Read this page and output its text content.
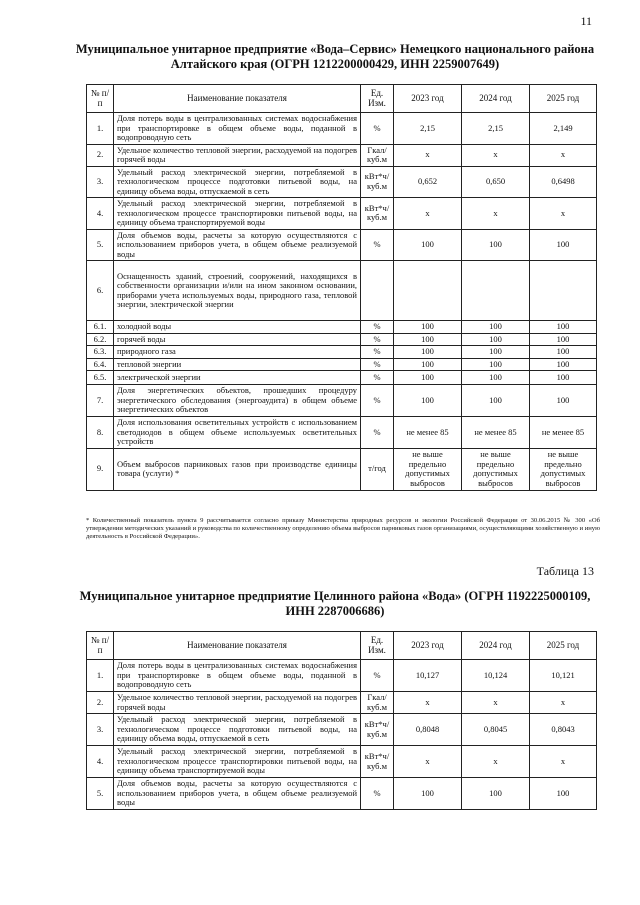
11
Муниципальное унитарное предприятие «Вода–Сервис» Немецкого национального района Алтайского края (ОГРН 1212200000429, ИНН 2259007649)
№ п/п	Наименование показателя	Ед. Изм.	2023 год	2024 год	2025 год
1.	Доля потерь воды в централизованных системах водоснабжения при транспортировке в общем объеме воды, поданной в водопроводную сеть	%	2,15	2,15	2,149
2.	Удельное количество тепловой энергии, расходуемой на подогрев горячей воды	Гкал/ куб.м	х	х	х
3.	Удельный расход электрической энергии, потребляемой в технологическом процессе подготовки питьевой воды, на единицу объема воды, отпускаемой в сеть	кВт*ч/ куб.м	0,652	0,650	0,6498
4.	Удельный расход электрической энергии, потребляемой в технологическом процессе транспортировки питьевой воды, на единицу объема транспортируемой воды	кВт*ч/ куб.м	х	х	х
5.	Доля объемов воды, расчеты за которую осуществляются с использованием приборов учета, в общем объеме реализуемой воды	%	100	100	100
6.	Оснащенность зданий, строений, сооружений, находящихся в собственности организации и/или на ином законном основании, приборами учета используемых воды, природного газа, тепловой энергии, электрической энергии				
6.1.	холодной воды	%	100	100	100
6.2.	горячей воды	%	100	100	100
6.3.	природного газа	%	100	100	100
6.4.	тепловой энергии	%	100	100	100
6.5.	электрической энергии	%	100	100	100
7.	Доля энергетических объектов, прошедших процедуру энергетического обследования (энергоаудита) в общем объеме энергетических объектов	%	100	100	100
8.	Доля использования осветительных устройств с использованием светодиодов в общем объеме используемых осветительных устройств	%	не менее 85	не менее 85	не менее 85
9.	Объем выбросов парниковых газов при производстве единицы товара (услуги) *	т/год	не выше предельно допустимых выбросов	не выше предельно допустимых выбросов	не выше предельно допустимых выбросов
* Количественный показатель пункта 9 рассчитывается согласно приказу Министерства природных ресурсов и экологии Российской Федерации от 30.06.2015 № 300 «Об утверждении методических указаний и руководства по количественному определению объема выбросов парниковых газов организациями, осуществляющими хозяйственную и иную деятельность в Российской Федерации».
Таблица 13
Муниципальное унитарное предприятие Целинного района «Вода» (ОГРН 1192225000109, ИНН 2287006686)
№ п/п	Наименование показателя	Ед. Изм.	2023 год	2024 год	2025 год
1.	Доля потерь воды в централизованных системах водоснабжения при транспортировке в общем объеме воды, поданной в водопроводную сеть	%	10,127	10,124	10,121
2.	Удельное количество тепловой энергии, расходуемой на подогрев горячей воды	Гкал/ куб.м	х	х	х
3.	Удельный расход электрической энергии, потребляемой в технологическом процессе подготовки питьевой воды, на единицу объема воды, отпускаемой в сеть	кВт*ч/ куб.м	0,8048	0,8045	0,8043
4.	Удельный расход электрической энергии, потребляемой в технологическом процессе транспортировки питьевой воды, на единицу объема транспортируемой воды	кВт*ч/ куб.м	х	х	х
5.	Доля объемов воды, расчеты за которую осуществляются с использованием приборов учета, в общем объеме реализуемой воды	%	100	100	100
